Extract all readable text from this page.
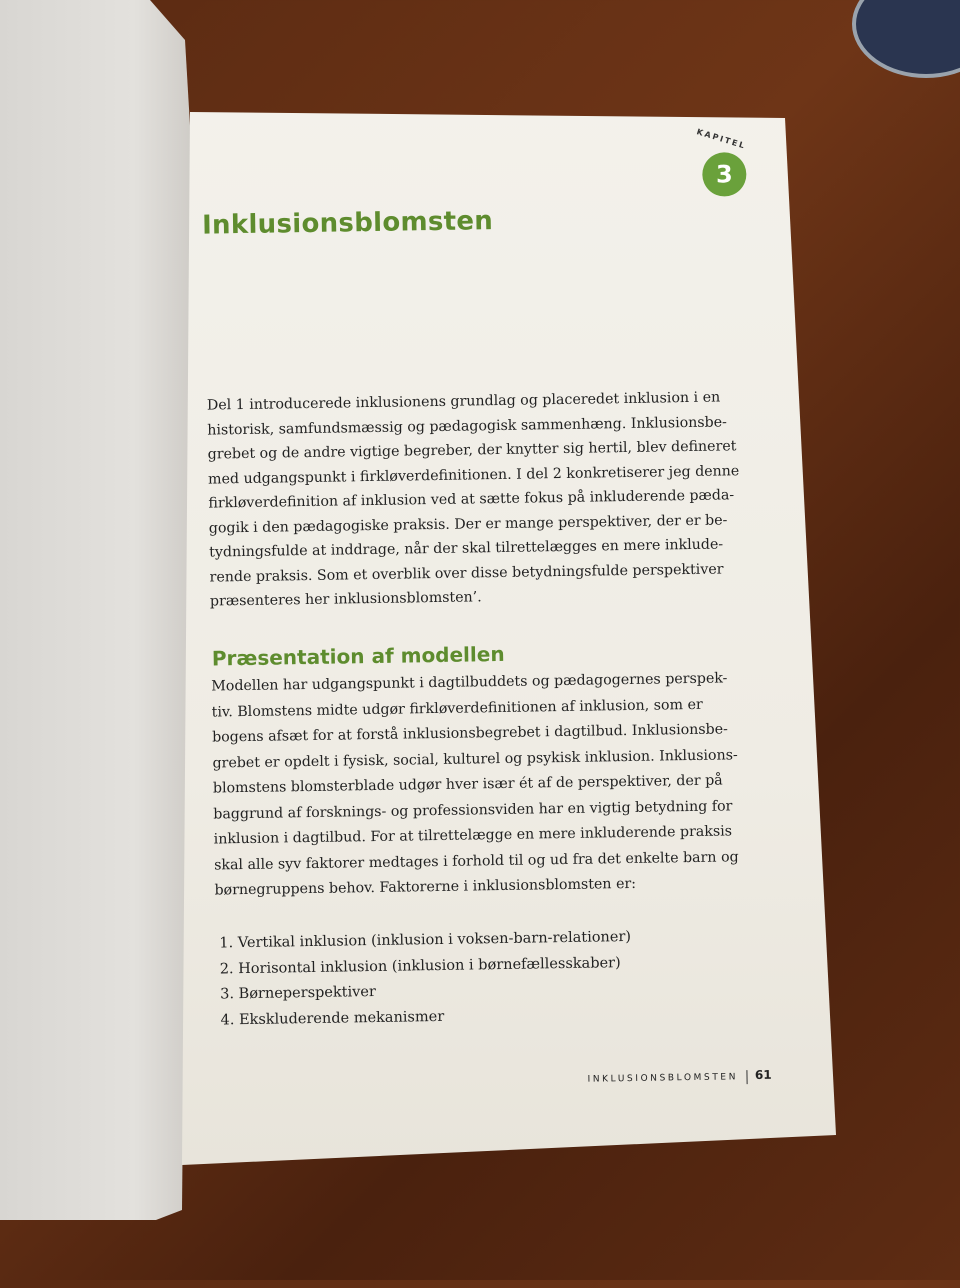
KAPITEL
3
Inklusionsblomsten
Del 1 introducerede inklusionens grundlag og placeredet inklusion i en
historisk, samfundsmæssig og pædagogisk sammenhæng. Inklusionsbe-
grebet og de andre vigtige begreber, der knytter sig hertil, blev defineret
med udgangspunkt i firkløverdefinitionen. I del 2 konkretiserer jeg denne
firkløverdefinition af inklusion ved at sætte fokus på inkluderende pæda-
gogik i den pædagogiske praksis. Der er mange perspektiver, der er be-
tydningsfulde at inddrage, når der skal tilrettelægges en mere inklude-
rende praksis. Som et overblik over disse betydningsfulde perspektiver
præsenteres her inklusionsblomsten’.
Præsentation af modellen
Modellen har udgangspunkt i dagtilbuddets og pædagogernes perspek-
tiv. Blomstens midte udgør firkløverdefinitionen af inklusion, som er
bogens afsæt for at forstå inklusionsbegrebet i dagtilbud. Inklusionsbe-
grebet er opdelt i fysisk, social, kulturel og psykisk inklusion. Inklusions-
blomstens blomsterblade udgør hver især ét af de perspektiver, der på
baggrund af forsknings- og professionsviden har en vigtig betydning for
inklusion i dagtilbud. For at tilrettelægge en mere inkluderende praksis
skal alle syv faktorer medtages i forhold til og ud fra det enkelte barn og
børnegruppens behov. Faktorerne i inklusionsblomsten er:
1. Vertikal inklusion (inklusion i voksen-barn-relationer)
2. Horisontal inklusion (inklusion i børnefællesskaber)
3. Børneperspektiver
4. Ekskluderende mekanismer
INKLUSIONSBLOMSTEN 61
